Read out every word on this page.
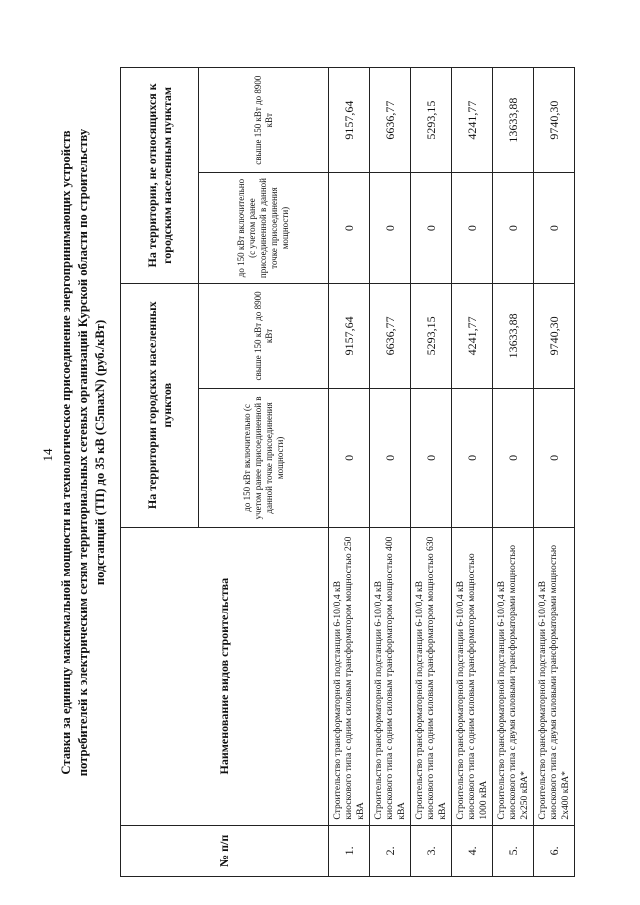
14 Ставки за единицу максимальной мощности на технологическое присоединение энергопринимающих устройств потребителей к электрическим сетям территориальных сетевых организаций Курской области по строительству подстанций (ТП) до 35 кВ (C5maxN) (руб./кВт)
№ п/п	Наименование видов строительства	На территории городских населенных пунктов		На территории, не относящихся к городским населенным пунктам	
		до 150 кВт включительно (с учетом ранее присоединенной в данной точке присоединения мощности)	свыше 150 кВт до 8900 кВт	до 150 кВт включительно (с учетом ранее присоединенной в данной точке присоединения мощности)	свыше 150 кВт до 8900 кВт
1.	Строительство трансформаторной подстанции 6-10/0,4 кВ киоскового типа с одним силовым трансформатором мощностью 250 кВА	0	9157,64	0	9157,64
2.	Строительство трансформаторной подстанции 6-10/0,4 кВ киоскового типа с одним силовым трансформатором мощностью 400 кВА	0	6636,77	0	6636,77
3.	Строительство трансформаторной подстанции 6-10/0,4 кВ киоскового типа с одним силовым трансформатором мощностью 630 кВА	0	5293,15	0	5293,15
4.	Строительство трансформаторной подстанции 6-10/0,4 кВ киоскового типа с одним силовым трансформатором мощностью 1000 кВА	0	4241,77	0	4241,77
5.	Строительство трансформаторной подстанции 6-10/0,4 кВ киоскового типа с двумя силовыми трансформаторами мощностью 2х250 кВА*	0	13633,88	0	13633,88
6.	Строительство трансформаторной подстанции 6-10/0,4 кВ киоскового типа с двумя силовыми трансформаторами мощностью 2х400 кВА*	0	9740,30	0	9740,30
